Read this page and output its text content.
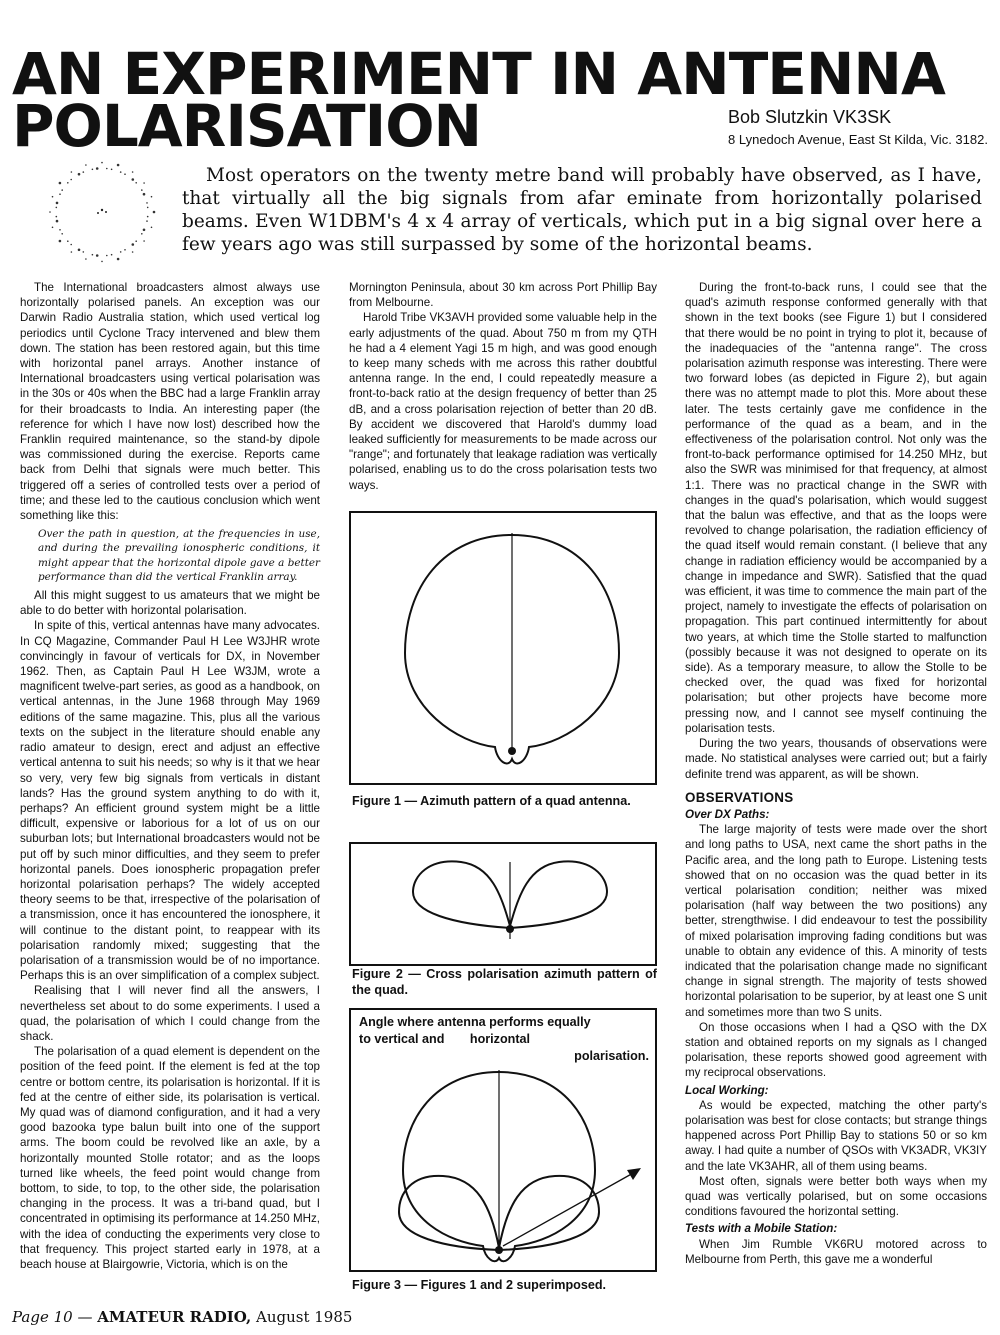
AN EXPERIMENT IN ANTENNA
POLARISATION	Bob Slutzkin VK3SK
8 Lynedoch Avenue, East St Kilda, Vic. 3182.

Most operators on the twenty metre band will probably have observed, as I have, that virtually all the big signals from afar eminate from horizontally polarised beams. Even W1DBM's 4 x 4 array of verticals, which put in a big signal over here a few years ago was still surpassed by some of the horizontal beams.

The International broadcasters almost always use horizontally polarised panels. An exception was our Darwin Radio Australia station, which used vertical log periodics until Cyclone Tracy intervened and blew them down. The station has been restored again, but this time with horizontal panel arrays. Another instance of International broadcasters using vertical polarisation was in the 30s or 40s when the BBC had a large Franklin array for their broadcasts to India. An interesting paper (the reference for which I have now lost) described how the Franklin required maintenance, so the stand-by dipole was commissioned during the exercise. Reports came back from Delhi that signals were much better. This triggered off a series of controlled tests over a period of time; and these led to the cautious conclusion which went something like this:

Over the path in question, at the frequencies in use, and during the prevailing ionospheric conditions, it might appear that the horizontal dipole gave a better performance than did the vertical Franklin array.

All this might suggest to us amateurs that we might be able to do better with horizontal polarisation.

In spite of this, vertical antennas have many advocates. In CQ Magazine, Commander Paul H Lee W3JHR wrote convincingly in favour of verticals for DX, in November 1962. Then, as Captain Paul H Lee W3JM, wrote a magnificent twelve-part series, as good as a handbook, on vertical antennas, in the June 1968 through May 1969 editions of the same magazine. This, plus all the various texts on the subject in the literature should enable any radio amateur to design, erect and adjust an effective vertical antenna to suit his needs; so why is it that we hear so very, very few big signals from verticals in distant lands? Has the ground system anything to do with it, perhaps? An efficient ground system might be a little difficult, expensive or laborious for a lot of us on our suburban lots; but International broadcasters would not be put off by such minor difficulties, and they seem to prefer horizontal panels. Does ionospheric propagation prefer horizontal polarisation perhaps? The widely accepted theory seems to be that, irrespective of the polarisation of a transmission, once it has encountered the ionosphere, it will continue to the distant point, to reappear with its polarisation randomly mixed; suggesting that the polarisation of a transmission would be of no importance. Perhaps this is an over simplification of a complex subject.

Realising that I will never find all the answers, I nevertheless set about to do some experiments. I used a quad, the polarisation of which I could change from the shack.

The polarisation of a quad element is dependent on the position of the feed point. If the element is fed at the top centre or bottom centre, its polarisation is horizontal. If it is fed at the centre of either side, its polarisation is vertical. My quad was of diamond configuration, and it had a very good bazooka type balun built into one of the support arms. The boom could be revolved like an axle, by a horizontally mounted Stolle rotator; and as the loops turned like wheels, the feed point would change from bottom, to side, to top, to the other side, the polarisation changing in the process. It was a tri-band quad, but I concentrated in optimising its performance at 14.250 MHz, with the idea of conducting the experiments very close to that frequency. This project started early in 1978, at a beach house at Blairgowrie, Victoria, which is on the

Mornington Peninsula, about 30 km across Port Phillip Bay from Melbourne.

Harold Tribe VK3AVH provided some valuable help in the early adjustments of the quad. About 750 m from my QTH he had a 4 element Yagi 15 m high, and was good enough to keep many scheds with me across this rather doubtful antenna range. In the end, I could repeatedly measure a front-to-back ratio at the design frequency of better than 25 dB, and a cross polarisation rejection of better than 20 dB. By accident we discovered that Harold's dummy load leaked sufficiently for measurements to be made across our "range"; and fortunately that leakage radiation was vertically polarised, enabling us to do the cross polarisation tests two ways.

Figure 1 — Azimuth pattern of a quad antenna.
Figure 2 — Cross polarisation azimuth pattern of the quad.
Angle where antenna performs equally
to vertical and horizontal
polarisation.
Figure 3 — Figures 1 and 2 superimposed.

During the front-to-back runs, I could see that the quad's azimuth response conformed generally with that shown in the text books (see Figure 1) but I considered that there would be no point in trying to plot it, because of the inadequacies of the "antenna range". The cross polarisation azimuth response was interesting. There were two forward lobes (as depicted in Figure 2), but again there was no attempt made to plot this. More about these later. The tests certainly gave me confidence in the performance of the quad as a beam, and in the effectiveness of the polarisation control. Not only was the front-to-back performance optimised for 14.250 MHz, but also the SWR was minimised for that frequency, at almost 1:1. There was no practical change in the SWR with changes in the quad's polarisation, which would suggest that the balun was effective, and that as the loops were revolved to change polarisation, the radiation efficiency of the quad itself would remain constant. (I believe that any change in radiation efficiency would be accompanied by a change in impedance and SWR). Satisfied that the quad was efficient, it was time to commence the main part of the project, namely to investigate the effects of polarisation on propagation. This part continued intermittently for about two years, at which time the Stolle started to malfunction (possibly because it was not designed to operate on its side). As a temporary measure, to allow the Stolle to be checked over, the quad was fixed for horizontal polarisation; but other projects have become more pressing now, and I cannot see myself continuing the polarisation tests.

During the two years, thousands of observations were made. No statistical analyses were carried out; but a fairly definite trend was apparent, as will be shown.

OBSERVATIONS
Over DX Paths:

The large majority of tests were made over the short and long paths to USA, next came the short paths in the Pacific area, and the long path to Europe. Listening tests showed that on no occasion was the quad better in its vertical polarisation condition; neither was mixed polarisation (half way between the two positions) any better, strengthwise. I did endeavour to test the possibility of mixed polarisation improving fading conditions but was unable to obtain any evidence of this. A minority of tests indicated that the polarisation change made no significant change in signal strength. The majority of tests showed horizontal polarisation to be superior, by at least one S unit and sometimes more than two S units.

On those occasions when I had a QSO with the DX station and obtained reports on my signals as I changed polarisation, these reports showed good agreement with my reciprocal observations.

Local Working:

As would be expected, matching the other party's polarisation was best for close contacts; but strange things happened across Port Phillip Bay to stations 50 or so km away. I had quite a number of QSOs with VK3ADR, VK3IY and the late VK3AHR, all of them using beams.

Most often, signals were better both ways when my quad was vertically polarised, but on some occasions conditions favoured the horizontal setting.

Tests with a Mobile Station:

When Jim Rumble VK6RU motored across to Melbourne from Perth, this gave me a wonderful

Page 10 — AMATEUR RADIO, August 1985
